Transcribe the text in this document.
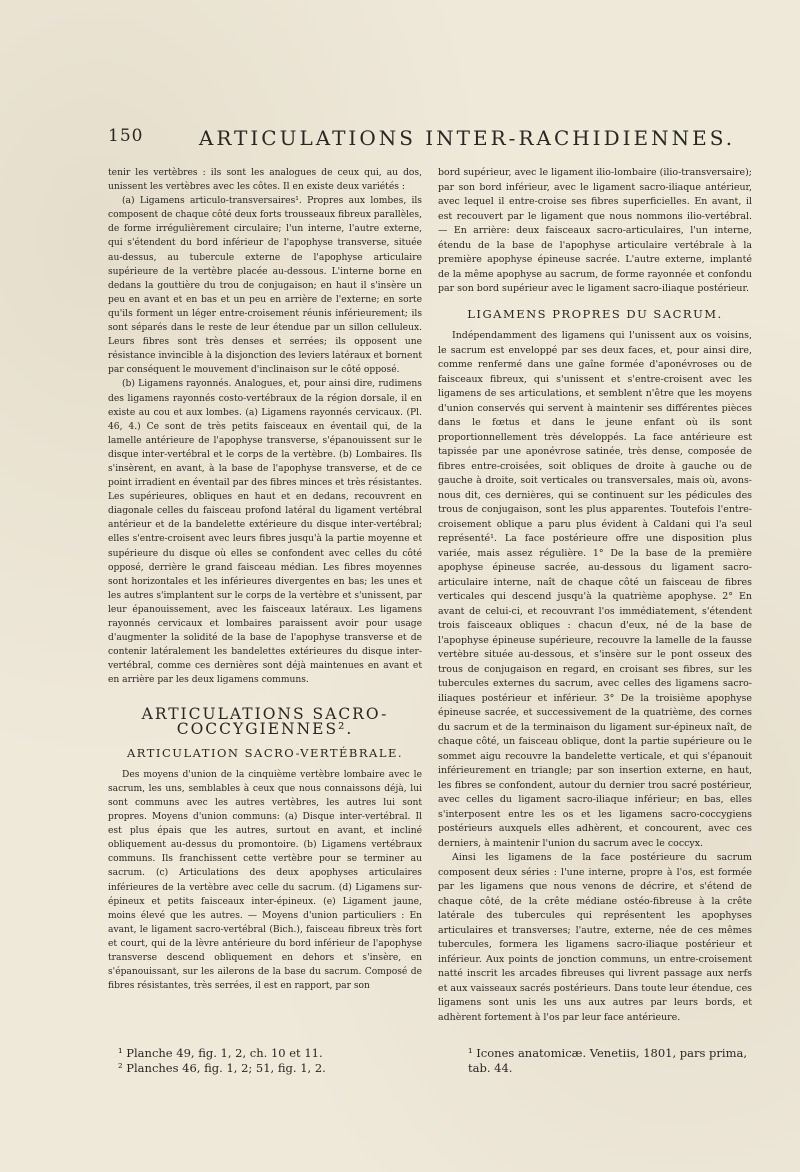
150	ARTICULATIONS INTER-RACHIDIENNES.

tenir les vertèbres : ils sont les analogues de ceux qui, au dos, unissent les vertèbres avec les côtes. Il en existe deux variétés :

(a) Ligamens articulo-transversaires¹. Propres aux lombes, ils composent de chaque côté deux forts trousseaux fibreux parallèles, de forme irrégulièrement circulaire; l'un interne, l'autre externe, qui s'étendent du bord inférieur de l'apophyse transverse, située au-dessus, au tubercule externe de l'apophyse articulaire supérieure de la vertèbre placée au-dessous. L'interne borne en dedans la gouttière du trou de conjugaison; en haut il s'insère un peu en avant et en bas et un peu en arrière de l'externe; en sorte qu'ils forment un léger entre-croisement réunis inférieurement; ils sont séparés dans le reste de leur étendue par un sillon celluleux. Leurs fibres sont très denses et serrées; ils opposent une résistance invincible à la disjonction des leviers latéraux et bornent par conséquent le mouvement d'inclinaison sur le côté opposé.

(b) Ligamens rayonnés. Analogues, et, pour ainsi dire, rudimens des ligamens rayonnés costo-vertébraux de la région dorsale, il en existe au cou et aux lombes. (a) Ligamens rayonnés cervicaux. (Pl. 46, 4.) Ce sont de très petits faisceaux en éventail qui, de la lamelle antérieure de l'apophyse transverse, s'épanouissent sur le disque inter-vertébral et le corps de la vertèbre. (b) Lombaires. Ils s'insèrent, en avant, à la base de l'apophyse transverse, et de ce point irradient en éventail par des fibres minces et très résistantes. Les supérieures, obliques en haut et en dedans, recouvrent en diagonale celles du faisceau profond latéral du ligament vertébral antérieur et de la bandelette extérieure du disque inter-vertébral; elles s'entre-croisent avec leurs fibres jusqu'à la partie moyenne et supérieure du disque où elles se confondent avec celles du côté opposé, derrière le grand faisceau médian. Les fibres moyennes sont horizontales et les inférieures divergentes en bas; les unes et les autres s'implantent sur le corps de la vertèbre et s'unissent, par leur épanouissement, avec les faisceaux latéraux. Les ligamens rayonnés cervicaux et lombaires paraissent avoir pour usage d'augmenter la solidité de la base de l'apophyse transverse et de contenir latéralement les bandelettes extérieures du disque inter-vertébral, comme ces dernières sont déjà maintenues en avant et en arrière par les deux ligamens communs.

ARTICULATIONS SACRO-COCCYGIENNES².
ARTICULATION SACRO-VERTÉBRALE.

Des moyens d'union de la cinquième vertèbre lombaire avec le sacrum, les uns, semblables à ceux que nous connaissons déjà, lui sont communs avec les autres vertèbres, les autres lui sont propres. Moyens d'union communs: (a) Disque inter-vertébral. Il est plus épais que les autres, surtout en avant, et incliné obliquement au-dessus du promontoire. (b) Ligamens vertébraux communs. Ils franchissent cette vertèbre pour se terminer au sacrum. (c) Articulations des deux apophyses articulaires inférieures de la vertèbre avec celle du sacrum. (d) Ligamens sur-épineux et petits faisceaux inter-épineux. (e) Ligament jaune, moins élevé que les autres. — Moyens d'union particuliers : En avant, le ligament sacro-vertébral (Bich.), faisceau fibreux très fort et court, qui de la lèvre antérieure du bord inférieur de l'apophyse transverse descend obliquement en dehors et s'insère, en s'épanouissant, sur les ailerons de la base du sacrum. Composé de fibres résistantes, très serrées, il est en rapport, par son

¹ Planche 49, fig. 1, 2, ch. 10 et 11.

² Planches 46, fig. 1, 2; 51, fig. 1, 2.

bord supérieur, avec le ligament ilio-lombaire (ilio-transversaire); par son bord inférieur, avec le ligament sacro-iliaque antérieur, avec lequel il entre-croise ses fibres superficielles. En avant, il est recouvert par le ligament que nous nommons ilio-vertébral. — En arrière: deux faisceaux sacro-articulaires, l'un interne, étendu de la base de l'apophyse articulaire vertébrale à la première apophyse épineuse sacrée. L'autre externe, implanté de la même apophyse au sacrum, de forme rayonnée et confondu par son bord supérieur avec le ligament sacro-iliaque postérieur.

LIGAMENS PROPRES DU SACRUM.

Indépendamment des ligamens qui l'unissent aux os voisins, le sacrum est enveloppé par ses deux faces, et, pour ainsi dire, comme renfermé dans une gaîne formée d'aponévroses ou de faisceaux fibreux, qui s'unissent et s'entre-croisent avec les ligamens de ses articulations, et semblent n'être que les moyens d'union conservés qui servent à maintenir ses différentes pièces dans le fœtus et dans le jeune enfant où ils sont proportionnellement très développés. La face antérieure est tapissée par une aponévrose satinée, très dense, composée de fibres entre-croisées, soit obliques de droite à gauche ou de gauche à droite, soit verticales ou transversales, mais où, avons-nous dit, ces dernières, qui se continuent sur les pédicules des trous de conjugaison, sont les plus apparentes. Toutefois l'entre-croisement oblique a paru plus évident à Caldani qui l'a seul représenté¹. La face postérieure offre une disposition plus variée, mais assez régulière. 1° De la base de la première apophyse épineuse sacrée, au-dessous du ligament sacro-articulaire interne, naît de chaque côté un faisceau de fibres verticales qui descend jusqu'à la quatrième apophyse. 2° En avant de celui-ci, et recouvrant l'os immédiatement, s'étendent trois faisceaux obliques : chacun d'eux, né de la base de l'apophyse épineuse supérieure, recouvre la lamelle de la fausse vertèbre située au-dessous, et s'insère sur le pont osseux des trous de conjugaison en regard, en croisant ses fibres, sur les tubercules externes du sacrum, avec celles des ligamens sacro-iliaques postérieur et inférieur. 3° De la troisième apophyse épineuse sacrée, et successivement de la quatrième, des cornes du sacrum et de la terminaison du ligament sur-épineux naît, de chaque côté, un faisceau oblique, dont la partie supérieure ou le sommet aigu recouvre la bandelette verticale, et qui s'épanouit inférieurement en triangle; par son insertion externe, en haut, les fibres se confondent, autour du dernier trou sacré postérieur, avec celles du ligament sacro-iliaque inférieur; en bas, elles s'interposent entre les os et les ligamens sacro-coccygiens postérieurs auxquels elles adhèrent, et concourent, avec ces derniers, à maintenir l'union du sacrum avec le coccyx.

Ainsi les ligamens de la face postérieure du sacrum composent deux séries : l'une interne, propre à l'os, est formée par les ligamens que nous venons de décrire, et s'étend de chaque côté, de la crête médiane ostéo-fibreuse à la crête latérale des tubercules qui représentent les apophyses articulaires et transverses; l'autre, externe, née de ces mêmes tubercules, formera les ligamens sacro-iliaque postérieur et inférieur. Aux points de jonction communs, un entre-croisement natté inscrit les arcades fibreuses qui livrent passage aux nerfs et aux vaisseaux sacrés postérieurs. Dans toute leur étendue, ces ligamens sont unis les uns aux autres par leurs bords, et adhèrent fortement à l'os par leur face antérieure.

¹ Icones anatomicæ. Venetiis, 1801, pars prima, tab. 44.
